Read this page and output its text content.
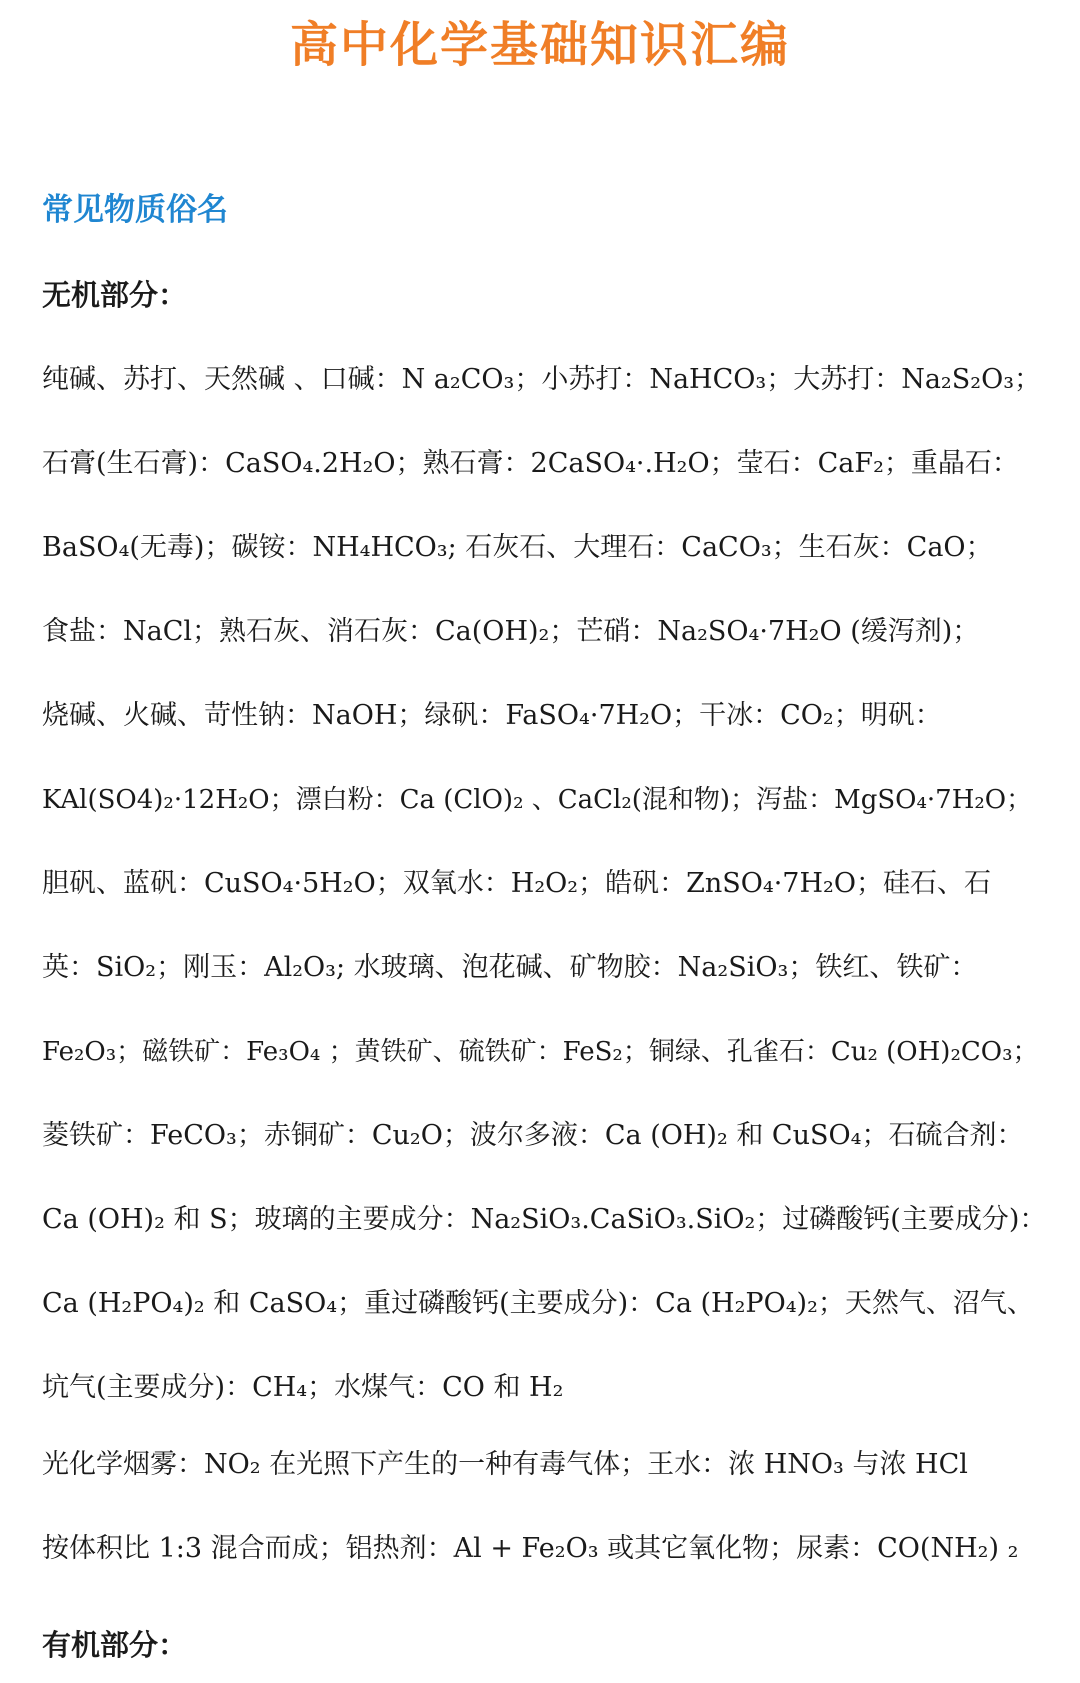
高中化学基础知识汇编
常见物质俗名
无机部分：
纯碱、苏打、天然碱 、口碱：N a₂CO₃；小苏打：NaHCO₃；大苏打：Na₂S₂O₃；
石膏(生石膏)：CaSO₄.2H₂O；熟石膏：2CaSO₄·.H₂O；莹石：CaF₂；重晶石：
BaSO₄(无毒)；碳铵：NH₄HCO₃; 石灰石、大理石：CaCO₃；生石灰：CaO；
食盐：NaCl；熟石灰、消石灰：Ca(OH)₂；芒硝：Na₂SO₄·7H₂O (缓泻剂)；
烧碱、火碱、苛性钠：NaOH；绿矾：FaSO₄·7H₂O；干冰：CO₂；明矾：
KAl(SO4)₂·12H₂O；漂白粉：Ca (ClO)₂ 、CaCl₂(混和物)；泻盐：MgSO₄·7H₂O；
胆矾、蓝矾：CuSO₄·5H₂O；双氧水：H₂O₂；皓矾：ZnSO₄·7H₂O；硅石、石
英：SiO₂；刚玉：Al₂O₃; 水玻璃、泡花碱、矿物胶：Na₂SiO₃；铁红、铁矿：
Fe₂O₃；磁铁矿：Fe₃O₄ ；黄铁矿、硫铁矿：FeS₂；铜绿、孔雀石：Cu₂ (OH)₂CO₃；
菱铁矿：FeCO₃；赤铜矿：Cu₂O；波尔多液：Ca (OH)₂ 和 CuSO₄；石硫合剂：
Ca (OH)₂ 和 S；玻璃的主要成分：Na₂SiO₃.CaSiO₃.SiO₂；过磷酸钙(主要成分)：
Ca (H₂PO₄)₂ 和 CaSO₄；重过磷酸钙(主要成分)：Ca (H₂PO₄)₂；天然气、沼气、
坑气(主要成分)：CH₄；水煤气：CO 和 H₂
光化学烟雾：NO₂ 在光照下产生的一种有毒气体；王水：浓 HNO₃ 与浓 HCl
按体积比 1:3 混合而成；铝热剂：Al + Fe₂O₃ 或其它氧化物；尿素：CO(NH₂) ₂
有机部分：
